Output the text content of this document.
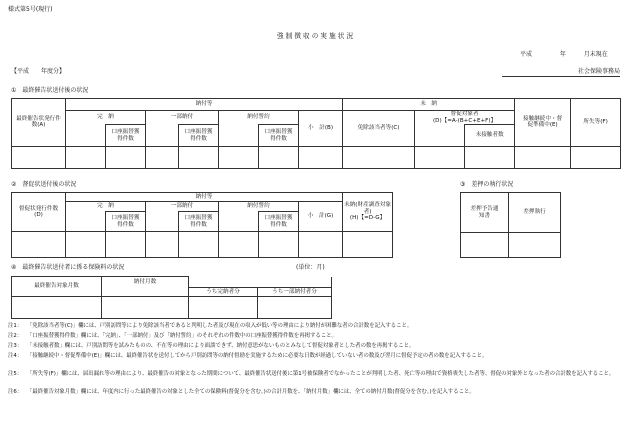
様式第5号(現行)
強 制 徴 収 の 実 施 状 況
平成	年	月末現在
【平成　　年度分】	社会保険事務局
①　最終催告状送付後の状況
最終催告状発行件数(A)	納付等							未　納			接触継続中・督促準備中(E)	所失等(F)
	完　納		一部納付		納付誓約		小　計(B)	免除該当者等(C)	督促対象者
(D)【=A-(B+C+E+F)】			

		口座振替獲得件数		口座振替獲得件数		口座振替獲得件数				未接触者数		

②　督促状送付後の状況
督促状発行件数(D)	納付等							未納(財産調査対象者)
(H)【=D-G】

	完　納		一部納付		納付誓約		小　計(G)	
		口座振替獲得件数		口座振替獲得件数		口座振替獲得件数		

③　差押の執行状況
差押予告通知書	差押執行

④　最終催告状送付者に係る保険料の状況	(単位：月)
最終催告対象月数	納付月数		
		うち完納者分	うち一部納付者分

注1： 「免除該当者等(C)」欄には、戸別訪問等により免除該当者であると判明した者及び現在の収入が低い等の理由により納付が困難な者の合計数を記入すること。
注2： 「口座振替獲得件数」欄には、「完納」、「一部納付」及び「納付誓約」のそれぞれの件数中の口座振替獲得件数を再掲すること。
注3： 「未接触者数」欄には、戸別訪問等を試みたものの、不在等の理由により面談できず、納付意思がないものとみなして督促対象者とした者の数を再掲すること。
注4： 「接触継続中・督促準備中(E)」欄には、最終催告状を送付してから戸別訪問等の納付督励を実施するために必要な日数が経過していない者の数及び翌月に督促予定の者の数を記入すること。
注5： 「所失等(F)」欄には、届出漏れ等の理由により、最終催告の対象となった期間について、最終催告状送付後に第1号被保険者でなかったことが判明した者、死亡等の理由で資格喪失した者等、督促の対象外となった者の合計数を記入すること。
注6： 「最終催告対象月数」欄には、年度内に行った最終催告の対象とした全ての保険料(督促分を含む。)の合計月数を、「納付月数」欄には、全ての納付月数(督促分を含む。)を記入すること。
